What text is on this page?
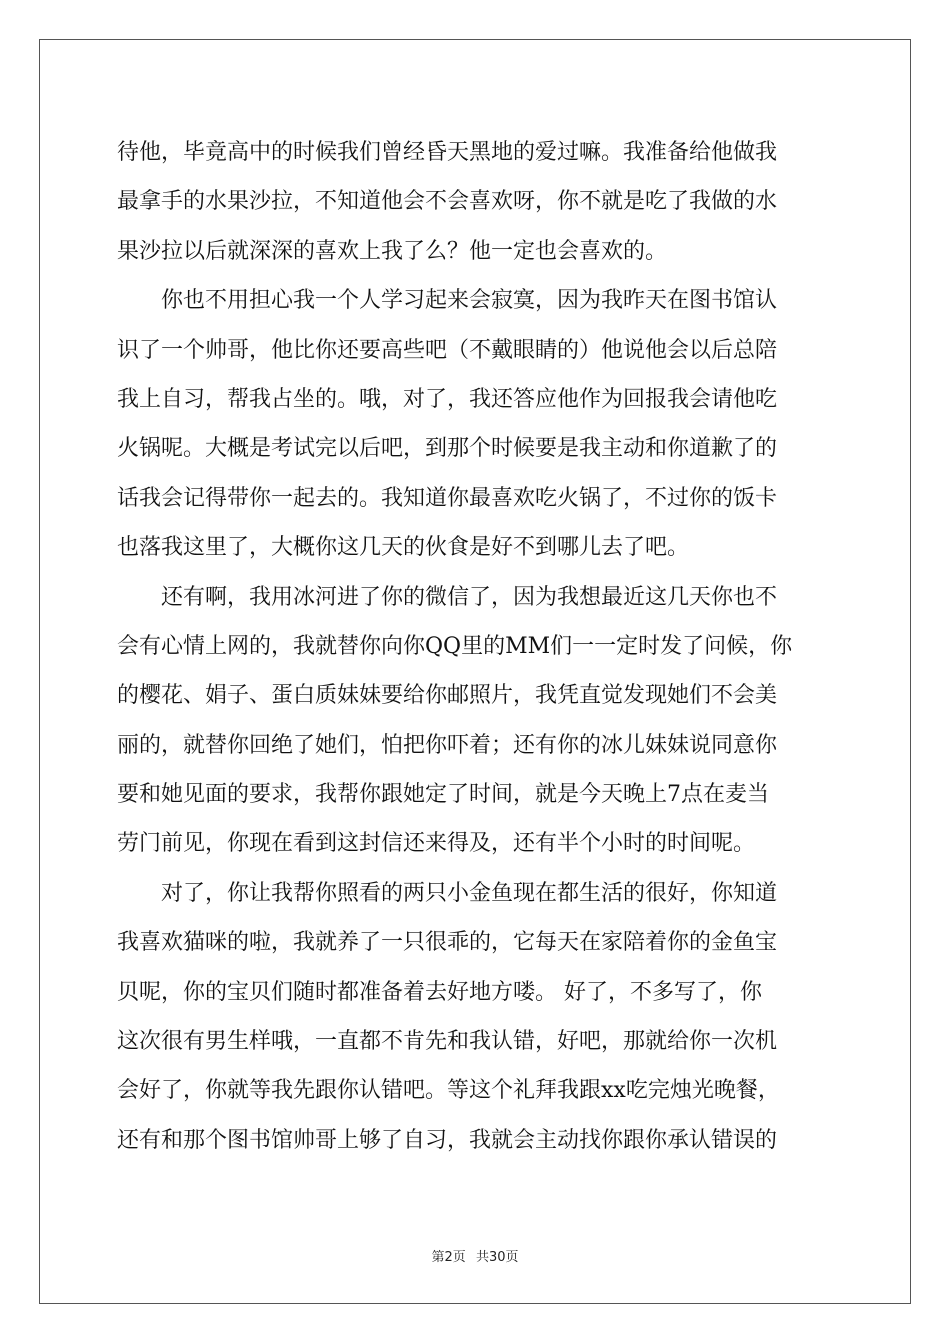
待他，毕竟高中的时候我们曾经昏天黑地的爱过嘛。我准备给他做我
最拿手的水果沙拉，不知道他会不会喜欢呀，你不就是吃了我做的水
果沙拉以后就深深的喜欢上我了么？他一定也会喜欢的。
你也不用担心我一个人学习起来会寂寞，因为我昨天在图书馆认
识了一个帅哥，他比你还要高些吧（不戴眼睛的）他说他会以后总陪
我上自习，帮我占坐的。哦，对了，我还答应他作为回报我会请他吃
火锅呢。大概是考试完以后吧，到那个时候要是我主动和你道歉了的
话我会记得带你一起去的。我知道你最喜欢吃火锅了，不过你的饭卡
也落我这里了，大概你这几天的伙食是好不到哪儿去了吧。
还有啊，我用冰河进了你的微信了，因为我想最近这几天你也不
会有心情上网的，我就替你向你QQ里的MM们一一定时发了问候，你
的樱花、娟子、蛋白质妹妹要给你邮照片，我凭直觉发现她们不会美
丽的，就替你回绝了她们，怕把你吓着；还有你的冰儿妹妹说同意你
要和她见面的要求，我帮你跟她定了时间，就是今天晚上7点在麦当
劳门前见，你现在看到这封信还来得及，还有半个小时的时间呢。
对了，你让我帮你照看的两只小金鱼现在都生活的很好，你知道
我喜欢猫咪的啦，我就养了一只很乖的，它每天在家陪着你的金鱼宝
贝呢，你的宝贝们随时都准备着去好地方喽。 好了，不多写了，你
这次很有男生样哦，一直都不肯先和我认错，好吧，那就给你一次机
会好了，你就等我先跟你认错吧。等这个礼拜我跟xx吃完烛光晚餐，
还有和那个图书馆帅哥上够了自习，我就会主动找你跟你承认错误的
第2页 共30页
